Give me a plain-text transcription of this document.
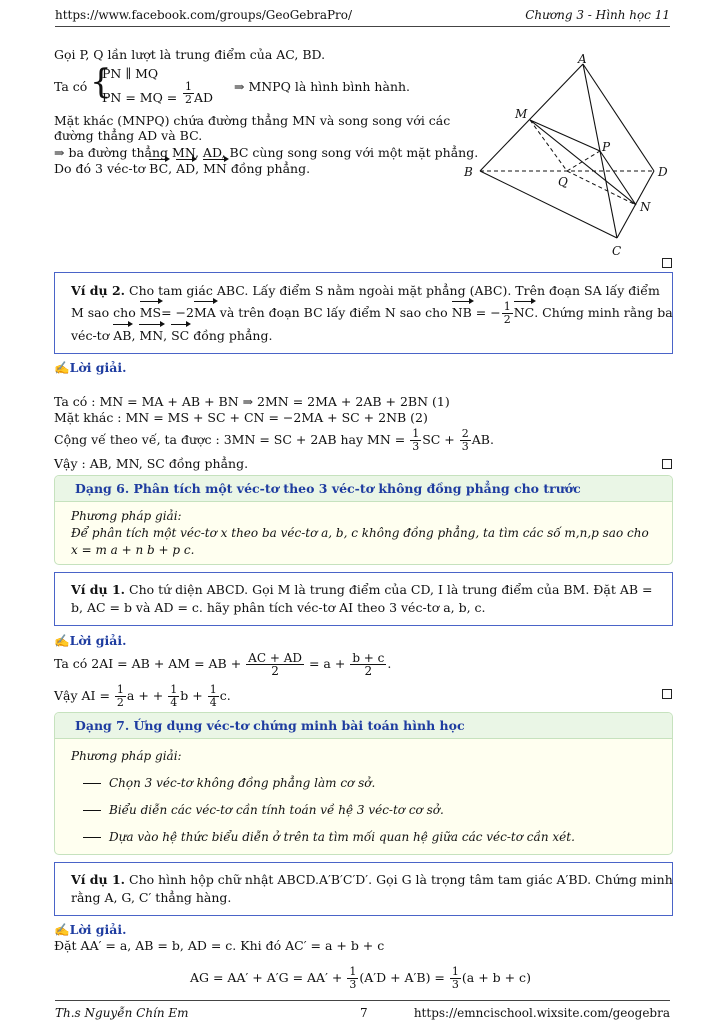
https://www.facebook.com/groups/GeoGebraPro/	Chương 3 - Hình học 11
Gọi P, Q lần lượt là trung điểm của AC, BD.
Ta có {
PN ∥ MQ
PN = MQ = $\frac{1}{2}$ AD
⇒ MNPQ là hình bình hành.
Mặt khác (MNPQ) chứa đường thẳng MN và song song với các
đường thẳng AD và BC.
⇒ ba đường thẳng MN, AD, BC cùng song song với một mặt phẳng.
Do đó 3 véc-tơ BC, AD, MN đồng phẳng.
A
B
C
D
M
N
P
Q
Ví dụ 2. Cho tam giác ABC. Lấy điểm S nằm ngoài mặt phẳng (ABC). Trên đoạn SA lấy điểm
M sao cho MS= −2MA và trên đoạn BC lấy điểm N sao cho NB = − $\frac{1}{2}$ NC. Chứng minh rằng ba
véc-tơ AB, MN, SC đồng phẳng.
✍Lời giải.
Ta có : MN = MA + AB + BN ⇒ 2MN = 2MA + 2AB + 2BN (1)
Mặt khác : MN = MS + SC + CN = −2MA + SC + 2NB (2)
Cộng vế theo vế, ta được : 3MN = SC + 2AB hay MN = $\frac{1}{3}$ SC + $\frac{2}{3}$ AB.
Vậy : AB, MN, SC đồng phẳng.
Dạng 6. Phân tích một véc-tơ theo 3 véc-tơ không đồng phẳng cho trước
Phương pháp giải:
Để phân tích một véc-tơ x theo ba véc-tơ a, b, c không đồng phẳng, ta tìm các số m,n,p sao cho
x = m a + n b + p c.
Ví dụ 1. Cho tứ diện ABCD. Gọi M là trung điểm của CD, I là trung điểm của BM. Đặt AB =
b, AC = b và AD = c. hãy phân tích véc-tơ AI theo 3 véc-tơ a, b, c.
✍Lời giải.
Ta có 2AI = AB + AM = AB + $\frac{AC + AD}{2} = a + \frac{b + c}{2}$ .
Vậy AI = $\frac{1}{2}$ a + + $\frac{1}{4}$ $b + \frac{1}{4} c$.
Dạng 7. Ứng dụng véc-tơ chứng minh bài toán hình học
Phương pháp giải:
Chọn 3 véc-tơ không đồng phẳng làm cơ sở.
Biểu diễn các véc-tơ cần tính toán về hệ 3 véc-tơ cơ sở.
Dựa vào hệ thức biểu diễn ở trên ta tìm mối quan hệ giữa các véc-tơ cần xét.
Ví dụ 1. Cho hình hộp chữ nhật ABCD.A′B′C′D′. Gọi G là trọng tâm tam giác A′BD. Chứng minh
rằng A, G, C′ thẳng hàng.
✍Lời giải.
Đặt AA′ = a, AB = b, AD = c. Khi đó AC′ = a + b + c
AG = $AA' + A'G = AA' + \frac{1}{3} (A'D + A'B) = \frac{1}{3} (a + b + c)$
Th.s Nguyễn Chín Em	7	https://emncischool.wixsite.com/geogebra
